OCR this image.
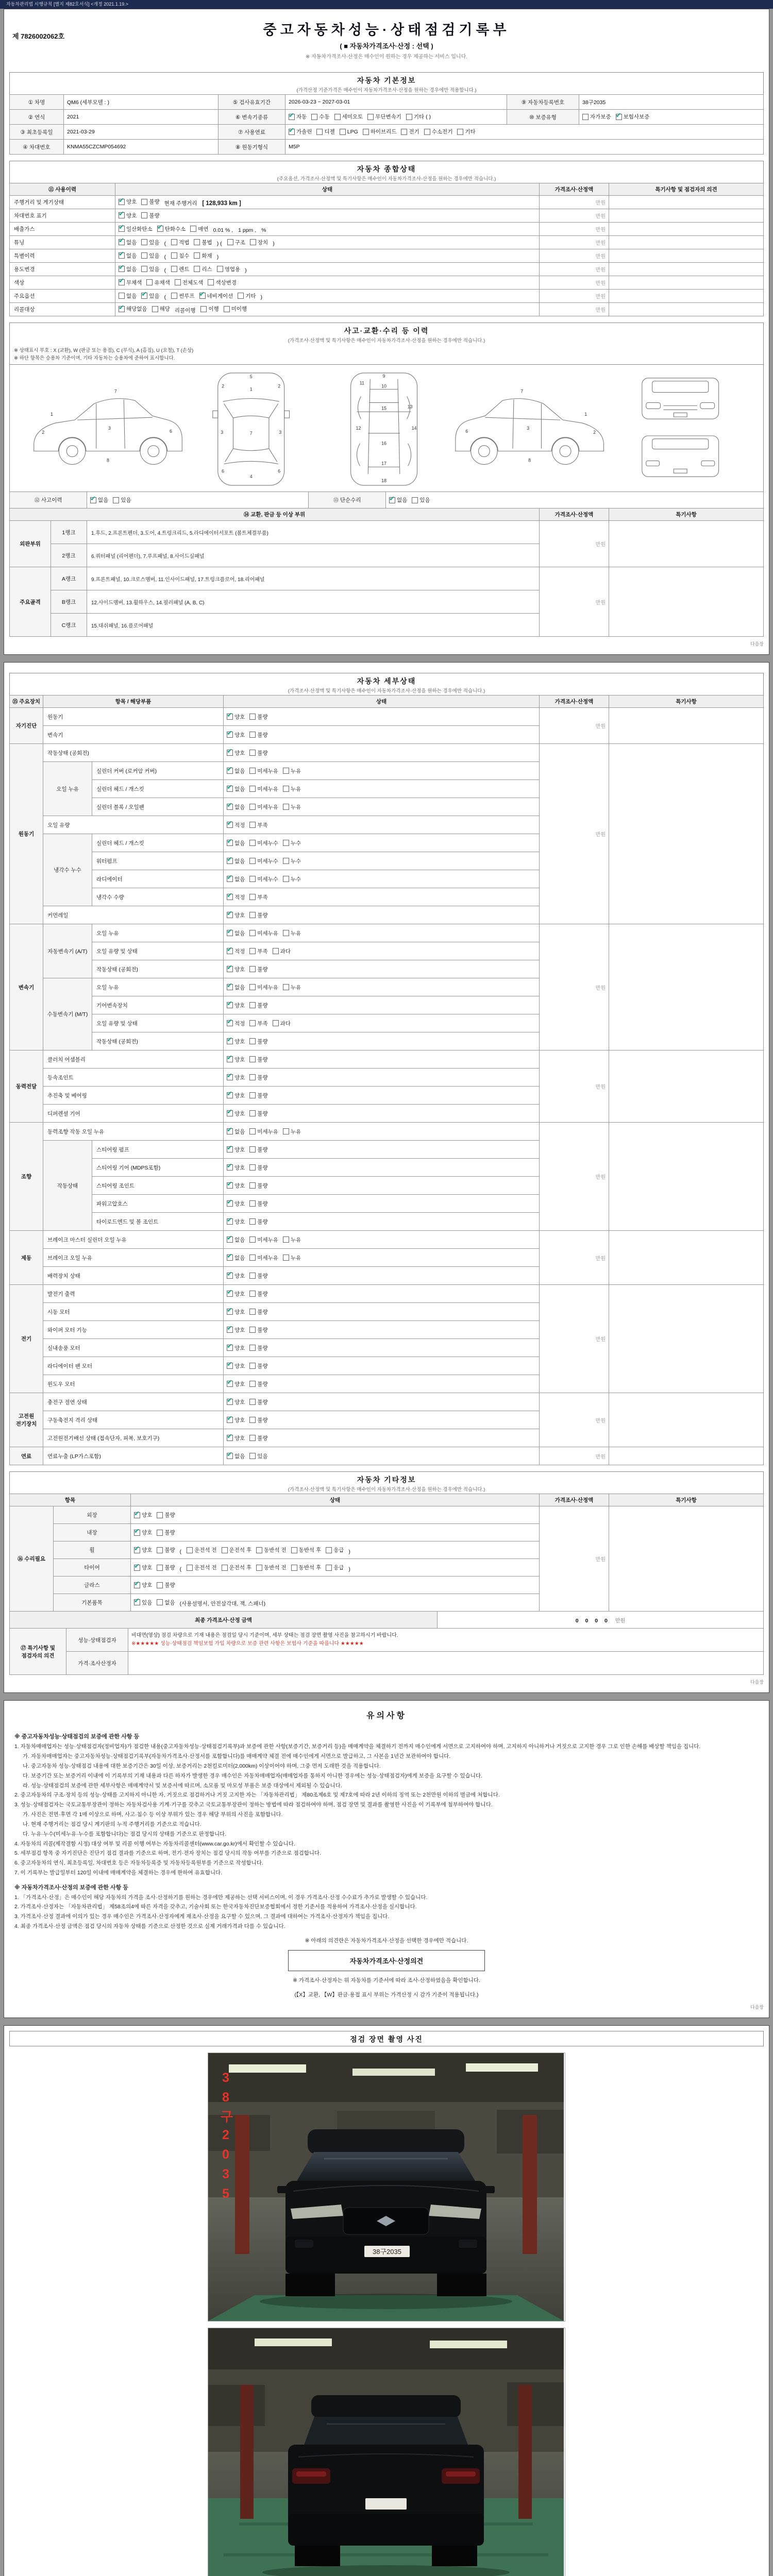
자동차관리법 시행규칙 [별지 제82호서식] <개정 2021.1.19.>
중고자동차성능·상태점검기록부
( ■ 자동차가격조사·산정 : 선택 )
※ 자동차가격조사·산정은 매수인이 원하는 경우 제공하는 서비스 입니다.
제 7826002062호
자동차 기본정보
(가격산정 기준가격은 매수인이 자동차가격조사·산정을 원하는 경우에만 적용합니다.)
① 차명	QM6 (세부모델 : )	⑤ 검사유효기간	2026-03-23 ~ 2027-03-01	⑨ 자동차등록번호	38구2035
② 연식	2021	⑥ 변속기종류	
✔자동 수동 세미오토 무단변속기 기타 ( )	⑩ 보증유형	자가보증 ✔ 보험사보증

③ 최초등록일	2021-03-29	⑦ 사용연료	
✔가솔린 디젤 LPG 하이브리드 전기 수소전기 기타

④ 차대번호	KNMA55CZCMP054692	⑧ 원동기형식	M5P		
자동차 종합상태
(주요옵션, 가격조사·산정액 및 특기사항은 매수인이 자동차가격조사·산정을 원하는 경우에만 적습니다.)
⑪ 사용이력	상태	가격조사·산정액	특기사항 및 점검자의 의견
주행거리 및 계기상태	
✔양호 불량 현재 주행거리 [ 128,933 km ]	만원	
차대번호 표기	
✔양호 불량	만원	
배출가스	
✔일산화탄소 ✔ 탄화수소 매연 0.01 % , 1 ppm , %	만원	
튜닝	
✔없음 있음 ( 적법 불법 ) ( 구조 장치 )	만원	
특별이력	
✔없음 있음 ( 침수 화재 )	만원	
용도변경	
✔없음 있음 ( 렌트 리스 영업용 )	만원	
색상	
✔무채색 유채색 전체도색 색상변경	만원	
주요옵션	없음 ✔ 있음 ( 썬루프 ✔ 네비게이션 기타 )	만원	
리콜대상	
✔해당없음 해당 리콜이행 이행 미이행	만원	
사고·교환·수리 등 이력
(가격조사·산정액 및 특기사항은 매수인이 자동차가격조사·산정을 원하는 경우에만 적습니다.)
※ 상태표시 부호 : X (교환), W (판금 또는 용접), C (부식), A (흠집), U (요철), T (손상)
※ 하단 항목은 승용차 기준이며, 기타 자동차는 승용차에 준하여 표시합니다.
1
2
3
6
7
8
5
1
2	2
3	3
7
6	6
4
9
10
11
12
13
14
15
16
17
18
2
3
6
7
8
1
⑫ 사고이력	
✔없음 있음	⑬ 단순수리	
✔없음 있음
⑭ 교환, 판금 등 이상 부위			가격조사·산정액	특기사항
외판부위	1랭크	1.후드, 2.프론트펜더, 3.도어, 4.트렁크리드, 5.라디에이터서포트 (볼트체결부품)	만원	
	2랭크	6.쿼터패널 (리어펜더), 7.루프패널, 8.사이드실패널		
주요골격	A랭크	9.프론트패널, 10.크로스멤버, 11.인사이드패널, 17.트렁크플로어, 18.리어패널	만원	
	B랭크	12.사이드멤버, 13.휠하우스, 14.필러패널 (A, B, C)		
	C랭크	15.대쉬패널, 16.플로어패널		
다음장
자동차 세부상태
(가격조사·산정액 및 특기사항은 매수인이 자동차가격조사·산정을 원하는 경우에만 적습니다.)
⑮ 주요장치	항목 / 해당부품		상태	가격조사·산정액	특기사항
자기진단	원동기	
✔양호 불량	만원	
	변속기	
✔양호 불량

원동기	작동상태 (공회전)	
✔양호 불량	만원	
	오일 누유	실린더 커버 (로커암 커버)	
✔없음 미세누유 누유

		실린더 헤드 / 개스킷	
✔없음 미세누유 누유

		실린더 블록 / 오일팬	
✔없음 미세누유 누유

	오일 유량	
✔적정 부족

	냉각수 누수	실린더 헤드 / 개스킷	
✔없음 미세누수 누수

		워터펌프	
✔없음 미세누수 누수

		라디에이터	
✔없음 미세누수 누수

		냉각수 수량	
✔적정 부족

	커먼레일	
✔양호 불량

변속기	자동변속기 (A/T)	오일 누유	
✔없음 미세누유 누유	만원	
		오일 유량 및 상태	
✔적정 부족 과다

		작동상태 (공회전)	
✔양호 불량

	수동변속기 (M/T)	오일 누유	
✔없음 미세누유 누유

		기어변속장치	
✔양호 불량

		오일 유량 및 상태	
✔적정 부족 과다

		작동상태 (공회전)	
✔양호 불량

동력전달	클러치 어셈블리	
✔양호 불량	만원	
	등속조인트	
✔양호 불량

	추진축 및 베어링	
✔양호 불량

	디퍼렌셜 기어	
✔양호 불량

조향	동력조향 작동 오일 누유	
✔없음 미세누유 누유	만원	
	작동상태	스티어링 펌프	
✔양호 불량

		스티어링 기어 (MDPS포함)	
✔양호 불량

		스티어링 조인트	
✔양호 불량

		파워고압호스	
✔양호 불량

		타이로드엔드 및 볼 조인트	
✔양호 불량

제동	브레이크 마스터 실린더 오일 누유	
✔없음 미세누유 누유	만원	
	브레이크 오일 누유	
✔없음 미세누유 누유

	배력장치 상태	
✔양호 불량

전기	발전기 출력	
✔양호 불량	만원	
	시동 모터	
✔양호 불량

	와이퍼 모터 기능	
✔양호 불량

	실내송풍 모터	
✔양호 불량

	라디에이터 팬 모터	
✔양호 불량

	윈도우 모터	
✔양호 불량

고전원 전기장치	충전구 절연 상태	
✔양호 불량	만원	
	구동축전지 격리 상태	
✔양호 불량

	고전원전기배선 상태 (접속단자, 피복, 보호기구)	
✔양호 불량

연료	연료누출 (LP가스포함)	
✔없음 있음	만원	
자동차 기타정보
(가격조사·산정액 및 특기사항은 매수인이 자동차가격조사·산정을 원하는 경우에만 적습니다.)
항목		상태	가격조사·산정액	특기사항
⑯ 수리필요	외장	
✔양호 불량	만원	
	내장	
✔양호 불량

휠	
✔양호 불량 ( 운전석 전 운전석 후 동반석 전 동반석 후 응급 )
타이어	
✔양호 불량 ( 운전석 전 운전석 후 동반석 전 동반석 후 응급 )
	글라스	
✔양호 불량

	기본품목	
✔있음 없음 (사용설명서, 안전삼각대, 잭, 스패너)
최종 가격조사·산정 금액	0 0 0 0 만원
⑰ 특기사항 및 점검자의 의견	성능·상태점검자	비대면(영상) 점검 차량으로 기재 내용은 점검일 당시 기준이며, 세부 상태는 점검 장면 촬영 사진을 참고하시기 바랍니다.
※★★★★★ 성능·상태점검 책임보험 가입 차량으로 보증 관련 사항은 보험사 기준을 따릅니다 ★★★★★

	가격·조사산정자	
다음장
유의사항
※ 중고자동차성능·상태점검의 보증에 관한 사항 등
1. 자동차매매업자는 성능·상태점검자(정비업자)가 점검한 내용(중고자동차성능·상태점검기록부)과 보증에 관한 사항(보증기간, 보증거리 등)을 매매계약을 체결하기 전까지 매수인에게 서면으로 고지하여야 하며, 고지하지 아니하거나 거짓으로 고지한 경우 그로 인한 손해를 배상할 책임을 집니다.
가. 자동차매매업자는 중고자동차성능·상태점검기록부(자동차가격조사·산정서를 포함합니다)를 매매계약 체결 전에 매수인에게 서면으로 발급하고, 그 사본을 1년간 보관하여야 합니다.
나. 중고자동차 성능·상태점검 내용에 대한 보증기간은 30일 이상, 보증거리는 2천킬로미터(2,000km) 이상이어야 하며, 그중 먼저 도래한 것을 적용합니다.
다. 보증기간 또는 보증거리 이내에 이 기록부의 기재 내용과 다른 하자가 발생한 경우 매수인은 자동차매매업자(매매업자를 통하지 아니한 경우에는 성능·상태점검자)에게 보증을 요구할 수 있습니다.
라. 성능·상태점검의 보증에 관한 세부사항은 매매계약서 및 보증서에 따르며, 소모품 및 마모성 부품은 보증 대상에서 제외될 수 있습니다.
2. 중고자동차의 구조·장치 등의 성능·상태를 고지하지 아니한 자, 거짓으로 점검하거나 거짓 고지한 자는 「자동차관리법」 제80조제6호 및 제7호에 따라 2년 이하의 징역 또는 2천만원 이하의 벌금에 처합니다.
3. 성능·상태점검자는 국토교통부장관이 정하는 자동차검사용 기계·기구를 갖추고 국토교통부장관이 정하는 방법에 따라 점검하여야 하며, 점검 장면 및 결과를 촬영한 사진을 이 기록부에 첨부하여야 합니다.
가. 사진은 전면·후면 각 1매 이상으로 하며, 사고·침수 등 이상 부위가 있는 경우 해당 부위의 사진을 포함합니다.
나. 현재 주행거리는 점검 당시 계기판의 누적 주행거리를 기준으로 적습니다.
다. 누유·누수(미세누유·누수를 포함합니다)는 점검 당시의 상태를 기준으로 판정합니다.
4. 자동차의 리콜(제작결함 시정) 대상 여부 및 리콜 이행 여부는 자동차리콜센터(www.car.go.kr)에서 확인할 수 있습니다.
5. 세부점검 항목 중 자기진단은 진단기 점검 결과를 기준으로 하며, 전기·전자 장치는 점검 당시의 작동 여부를 기준으로 점검합니다.
6. 중고자동차의 연식, 최초등록일, 차대번호 등은 자동차등록증 및 자동차등록원부를 기준으로 작성합니다.
7. 이 기록부는 발급일부터 120일 이내에 매매계약을 체결하는 경우에 한하여 유효합니다.
※ 자동차가격조사·산정의 보증에 관한 사항 등
1. 「가격조사·산정」은 매수인이 해당 자동차의 가격을 조사·산정하기를 원하는 경우에만 제공하는 선택 서비스이며, 이 경우 가격조사·산정 수수료가 추가로 발생할 수 있습니다.
2. 가격조사·산정자는 「자동차관리법」 제58조의4에 따른 자격을 갖추고, 기술사회 또는 한국자동차진단보증협회에서 정한 기준서를 적용하여 가격조사·산정을 실시합니다.
3. 가격조사·산정 결과에 이의가 있는 경우 매수인은 가격조사·산정자에게 재조사·산정을 요구할 수 있으며, 그 결과에 대하여는 가격조사·산정자가 책임을 집니다.
4. 최종 가격조사·산정 금액은 점검 당시의 자동차 상태를 기준으로 산정한 것으로 실제 거래가격과 다를 수 있습니다.
※ 아래의 의견란은 자동차가격조사·산정을 선택한 경우에만 적습니다.
자동차가격조사·산정의견
※ 가격조사·산정자는 위 자동차를 기준서에 따라 조사·산정하였음을 확인합니다.
(【X】교환, 【W】판금·용접 표시 부위는 가격산정 시 감가 기준이 적용됩니다.)
다음장
점검 장면 촬영 사진
38구2035
38구2035
